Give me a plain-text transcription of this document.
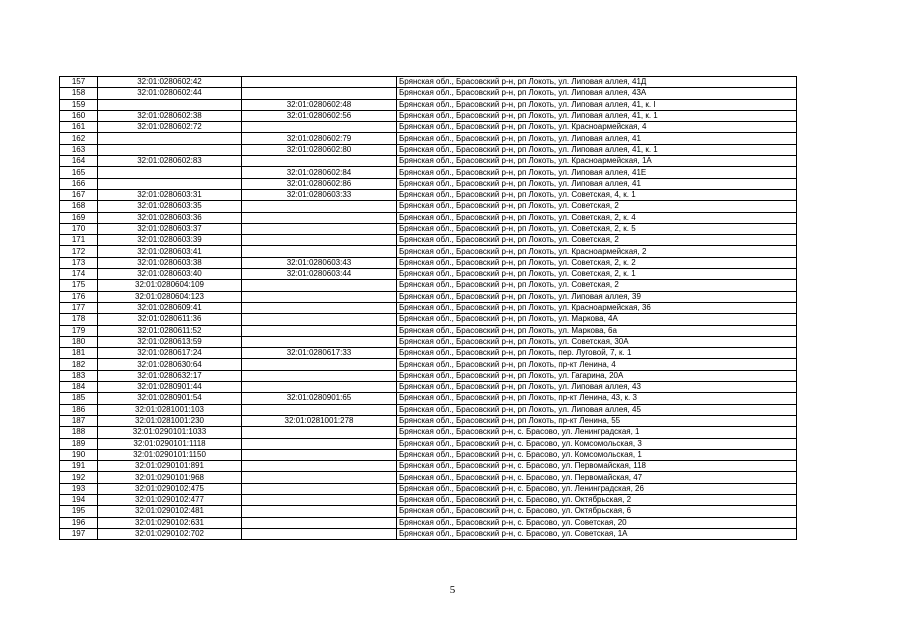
157	32:01:0280602:42		Брянская обл., Брасовский р-н, рп Локоть, ул. Липовая аллея, 41Д
158	32:01:0280602:44		Брянская обл., Брасовский р-н, рп Локоть, ул. Липовая аллея, 43А
159		32:01:0280602:48	Брянская обл., Брасовский р-н, рп Локоть, ул. Липовая аллея, 41, к. I
160	32:01:0280602:38	32:01:0280602:56	Брянская обл., Брасовский р-н, рп Локоть, ул. Липовая аллея, 41, к. 1
161	32:01:0280602:72		Брянская обл., Брасовский р-н, рп Локоть, ул. Красноармейская, 4
162		32:01:0280602:79	Брянская обл., Брасовский р-н, рп Локоть, ул. Липовая аллея, 41
163		32:01:0280602:80	Брянская обл., Брасовский р-н, рп Локоть, ул. Липовая аллея, 41, к. 1
164	32:01:0280602:83		Брянская обл., Брасовский р-н, рп Локоть, ул. Красноармейская, 1А
165		32:01:0280602:84	Брянская обл., Брасовский р-н, рп Локоть, ул. Липовая аллея, 41Е
166		32:01:0280602:86	Брянская обл., Брасовский р-н, рп Локоть, ул. Липовая аллея, 41
167	32:01:0280603:31	32:01:0280603:33	Брянская обл., Брасовский р-н, рп Локоть, ул. Советская, 4, к. 1
168	32:01:0280603:35		Брянская обл., Брасовский р-н, рп Локоть, ул. Советская, 2
169	32:01:0280603:36		Брянская обл., Брасовский р-н, рп Локоть, ул. Советская, 2, к. 4
170	32:01:0280603:37		Брянская обл., Брасовский р-н, рп Локоть, ул. Советская, 2, к. 5
171	32:01:0280603:39		Брянская обл., Брасовский р-н, рп Локоть, ул. Советская, 2
172	32:01:0280603:41		Брянская обл., Брасовский р-н, рп Локоть, ул. Красноармейская, 2
173	32:01:0280603:38	32:01:0280603:43	Брянская обл., Брасовский р-н, рп Локоть, ул. Советская, 2, к. 2
174	32:01:0280603:40	32:01:0280603:44	Брянская обл., Брасовский р-н, рп Локоть, ул. Советская, 2, к. 1
175	32:01:0280604:109		Брянская обл., Брасовский р-н, рп Локоть, ул. Советская, 2
176	32:01:0280604:123		Брянская обл., Брасовский р-н, рп Локоть, ул. Липовая аллея, 39
177	32:01:0280609:41		Брянская обл., Брасовский р-н, рп Локоть, ул. Красноармейская, 36
178	32:01:0280611:36		Брянская обл., Брасовский р-н, рп Локоть, ул. Маркова, 4А
179	32:01:0280611:52		Брянская обл., Брасовский р-н, рп Локоть, ул. Маркова, 6а
180	32:01:0280613:59		Брянская обл., Брасовский р-н, рп Локоть, ул. Советская, 30А
181	32:01:0280617:24	32:01:0280617:33	Брянская обл., Брасовский р-н, рп Локоть, пер. Луговой, 7, к. 1
182	32:01:0280630:64		Брянская обл., Брасовский р-н, рп Локоть, пр-кт Ленина, 4
183	32:01:0280632:17		Брянская обл., Брасовский р-н, рп Локоть, ул. Гагарина, 20А
184	32:01:0280901:44		Брянская обл., Брасовский р-н, рп Локоть, ул. Липовая аллея, 43
185	32:01:0280901:54	32:01:0280901:65	Брянская обл., Брасовский р-н, рп Локоть, пр-кт Ленина, 43, к. 3
186	32:01:0281001:103		Брянская обл., Брасовский р-н, рп Локоть, ул. Липовая аллея, 45
187	32:01:0281001:230	32:01:0281001:278	Брянская обл., Брасовский р-н, рп Локоть, пр-кт Ленина, 55
188	32:01:0290101:1033		Брянская обл., Брасовский р-н, с. Брасово, ул. Ленинградская, 1
189	32:01:0290101:1118		Брянская обл., Брасовский р-н, с. Брасово, ул. Комсомольская, 3
190	32:01:0290101:1150		Брянская обл., Брасовский р-н, с. Брасово, ул. Комсомольская, 1
191	32:01:0290101:891		Брянская обл., Брасовский р-н, с. Брасово, ул. Первомайская, 118
192	32:01:0290101:968		Брянская обл., Брасовский р-н, с. Брасово, ул. Первомайская, 47
193	32:01:0290102:475		Брянская обл., Брасовский р-н, с. Брасово, ул. Ленинградская, 26
194	32:01:0290102:477		Брянская обл., Брасовский р-н, с. Брасово, ул. Октябрьская, 2
195	32:01:0290102:481		Брянская обл., Брасовский р-н, с. Брасово, ул. Октябрьская, 6
196	32:01:0290102:631		Брянская обл., Брасовский р-н, с. Брасово, ул. Советская, 20
197	32:01:0290102:702		Брянская обл., Брасовский р-н, с. Брасово, ул. Советская, 1А
5
